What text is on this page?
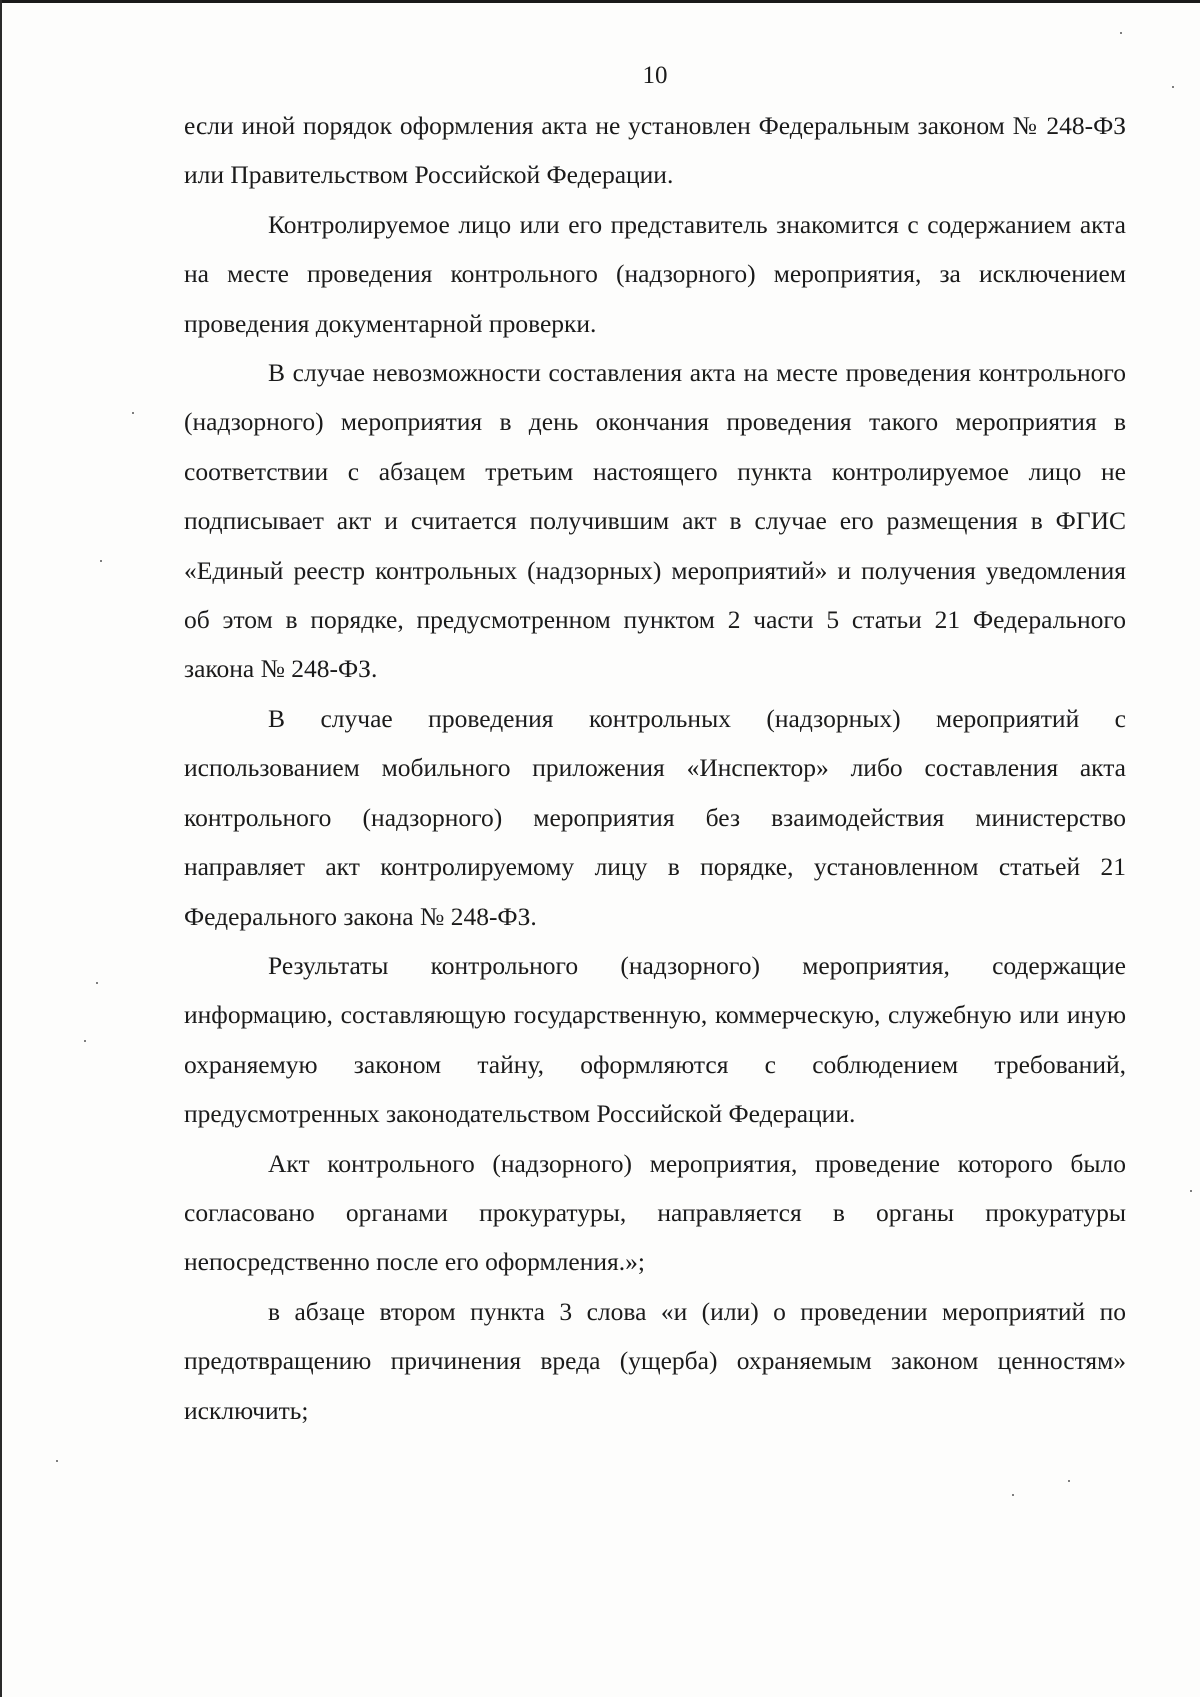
10

если иной порядок оформления акта не установлен Федеральным законом № 248-ФЗ или Правительством Российской Федерации.

Контролируемое лицо или его представитель знакомится с содержанием акта на месте проведения контрольного (надзорного) мероприятия, за исключением проведения документарной проверки.

В случае невозможности составления акта на месте проведения контрольного (надзорного) мероприятия в день окончания проведения такого мероприятия в соответствии с абзацем третьим настоящего пункта контролируемое лицо не подписывает акт и считается получившим акт в случае его размещения в ФГИС «Единый реестр контрольных (надзорных) мероприятий» и получения уведомления об этом в порядке, предусмотренном пунктом 2 части 5 статьи 21 Федерального закона № 248-ФЗ.

В случае проведения контрольных (надзорных) мероприятий с использованием мобильного приложения «Инспектор» либо составления акта контрольного (надзорного) мероприятия без взаимодействия министерство направляет акт контролируемому лицу в порядке, установленном статьей 21 Федерального закона № 248-ФЗ.

Результаты контрольного (надзорного) мероприятия, содержащие информацию, составляющую государственную, коммерческую, служебную или иную охраняемую законом тайну, оформляются с соблюдением требований, предусмотренных законодательством Российской Федерации.

Акт контрольного (надзорного) мероприятия, проведение которого было согласовано органами прокуратуры, направляется в органы прокуратуры непосредственно после его оформления.»;

в абзаце втором пункта 3 слова «и (или) о проведении мероприятий по предотвращению причинения вреда (ущерба) охраняемым законом ценностям» исключить;
